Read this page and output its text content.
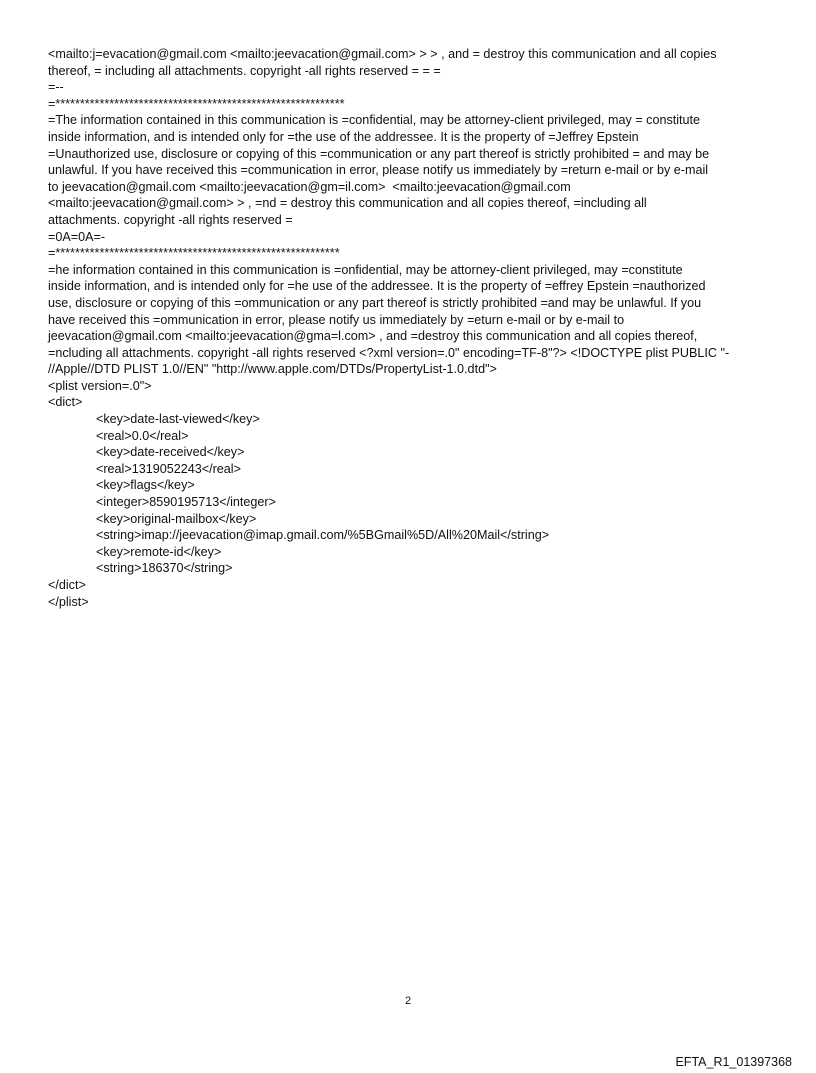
<mailto:j=evacation@gmail.com <mailto:jeevacation@gmail.com> > > , and = destroy this communication and all copies
thereof, = including all attachments. copyright -all rights reserved = = =
=--
=***********************************************************
=The information contained in this communication is =confidential, may be attorney-client privileged, may = constitute
inside information, and is intended only for =the use of the addressee. It is the property of =Jeffrey Epstein
=Unauthorized use, disclosure or copying of this =communication or any part thereof is strictly prohibited = and may be
unlawful. If you have received this =communication in error, please notify us immediately by =return e-mail or by e-mail
to jeevacation@gmail.com <mailto:jeevacation@gm=il.com>  <mailto:jeevacation@gmail.com
<mailto:jeevacation@gmail.com> > , =nd = destroy this communication and all copies thereof, =including all
attachments. copyright -all rights reserved =
=0A=0A=-
=**********************************************************
=he information contained in this communication is =onfidential, may be attorney-client privileged, may =constitute
inside information, and is intended only for =he use of the addressee. It is the property of =effrey Epstein =nauthorized
use, disclosure or copying of this =ommunication or any part thereof is strictly prohibited =and may be unlawful. If you
have received this =ommunication in error, please notify us immediately by =eturn e-mail or by e-mail to
jeevacation@gmail.com <mailto:jeevacation@gma=l.com> , and =destroy this communication and all copies thereof,
=ncluding all attachments. copyright -all rights reserved <?xml version=.0" encoding=TF-8"?> <!DOCTYPE plist PUBLIC "-
//Apple//DTD PLIST 1.0//EN" "http://www.apple.com/DTDs/PropertyList-1.0.dtd">
<plist version=.0">
<dict>
<key>date-last-viewed</key>
<real>0.0</real>
<key>date-received</key>
<real>1319052243</real>
<key>flags</key>
<integer>8590195713</integer>
<key>original-mailbox</key>
<string>imap://jeevacation@imap.gmail.com/%5BGmail%5D/All%20Mail</string>
<key>remote-id</key>
<string>186370</string>
</dict>
</plist>
2
EFTA_R1_01397368
